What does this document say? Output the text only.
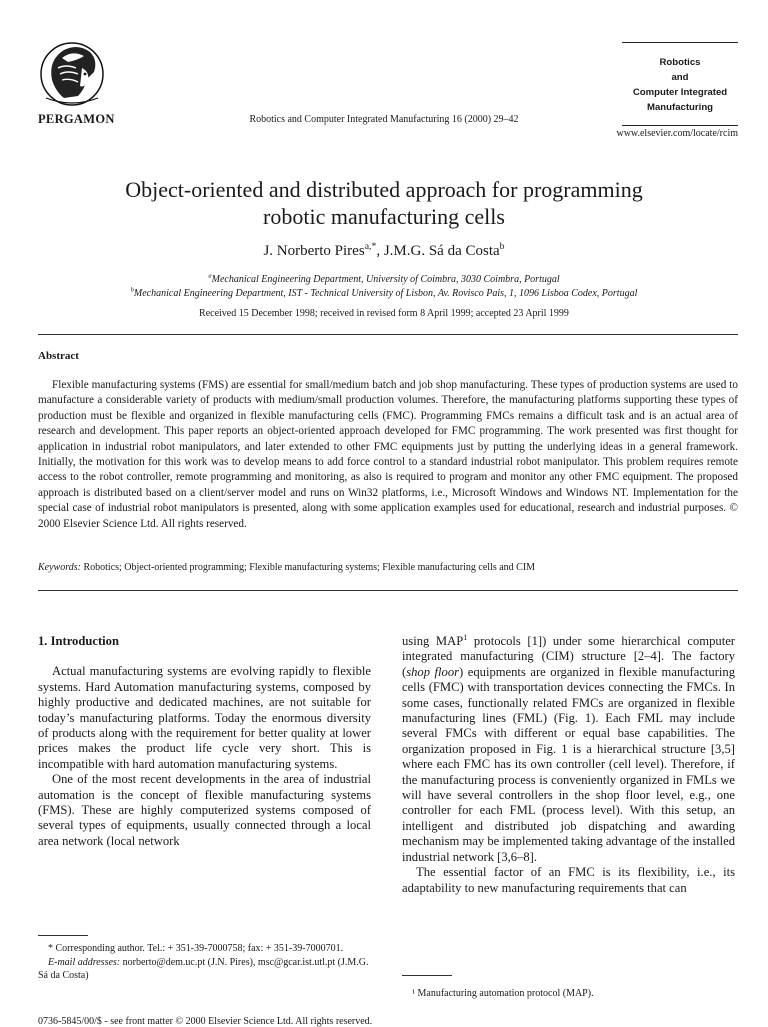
PERGAMON	Robotics and Computer Integrated Manufacturing 16 (2000) 29–42
Robotics
and
Computer Integrated
Manufacturing
www.elsevier.com/locate/rcim
Object-oriented and distributed approach for programming
robotic manufacturing cells
J. Norberto Pires$^{a,*}$, J.M.G. Sá da Costa$^b$
$^a$Mechanical Engineering Department, University of Coimbra, 3030 Coimbra, Portugal
$^b$Mechanical Engineering Department, IST - Technical University of Lisbon, Av. Rovisco Pais, 1, 1096 Lisboa Codex, Portugal
Received 15 December 1998; received in revised form 8 April 1999; accepted 23 April 1999
Abstract
Flexible manufacturing systems (FMS) are essential for small/medium batch and job shop manufacturing. These types of production systems are used to manufacture a considerable variety of products with medium/small production volumes. Therefore, the manufacturing platforms supporting these types of production must be flexible and organized in flexible manufacturing cells (FMC). Programming FMCs remains a difficult task and is an actual area of research and development. This paper reports an object-oriented approach developed for FMC programming. The work presented was first thought for application in industrial robot manipulators, and later extended to other FMC equipments just by putting the underlying ideas in a general framework. Initially, the motivation for this work was to develop means to add force control to a standard industrial robot manipulator. This problem requires remote access to the robot controller, remote programming and monitoring, as also is required to program and monitor any other FMC equipment. The proposed approach is distributed based on a client/server model and runs on Win32 platforms, i.e., Microsoft Windows and Windows NT. Implementation for the special case of industrial robot manipulators is presented, along with some application examples used for educational, research and industrial purposes. © 2000 Elsevier Science Ltd. All rights reserved.
Keywords: Robotics; Object-oriented programming; Flexible manufacturing systems; Flexible manufacturing cells and CIM
1. Introduction

Actual manufacturing systems are evolving rapidly to flexible systems. Hard Automation manufacturing systems, composed by highly productive and dedicated machines, are not suitable for today’s manufacturing platforms. Today the enormous diversity of products along with the requirement for better quality at lower prices makes the product life cycle very short. This is incompatible with hard automation manufacturing systems.

One of the most recent developments in the area of industrial automation is the concept of flexible manufacturing systems (FMS). These are highly computerized systems composed of several types of equipments, usually connected through a local area network (local network

* Corresponding author. Tel.: + 351-39-7000758; fax: + 351-39-7000701.
E-mail addresses: norberto@dem.uc.pt (J.N. Pires), msc@gcar.ist.utl.pt (J.M.G. Sá da Costa)

using MAP$^1$ protocols [1]) under some hierarchical computer integrated manufacturing (CIM) structure [2–4]. The factory (shop floor) equipments are organized in flexible manufacturing cells (FMC) with transportation devices connecting the FMCs. In some cases, functionally related FMCs are organized in flexible manufacturing lines (FML) (Fig. 1). Each FML may include several FMCs with different or equal base capabilities. The organization proposed in Fig. 1 is a hierarchical structure [3,5] where each FMC has its own controller (cell level). Therefore, if the manufacturing process is conveniently organized in FMLs we will have several controllers in the shop floor level, e.g., one controller for each FML (process level). With this setup, an intelligent and distributed job dispatching and awarding mechanism may be implemented taking advantage of the installed industrial network [3,6–8].

The essential factor of an FMC is its flexibility, i.e., its adaptability to new manufacturing requirements that can

¹ Manufacturing automation protocol (MAP).
0736-5845/00/$ - see front matter © 2000 Elsevier Science Ltd. All rights reserved.
